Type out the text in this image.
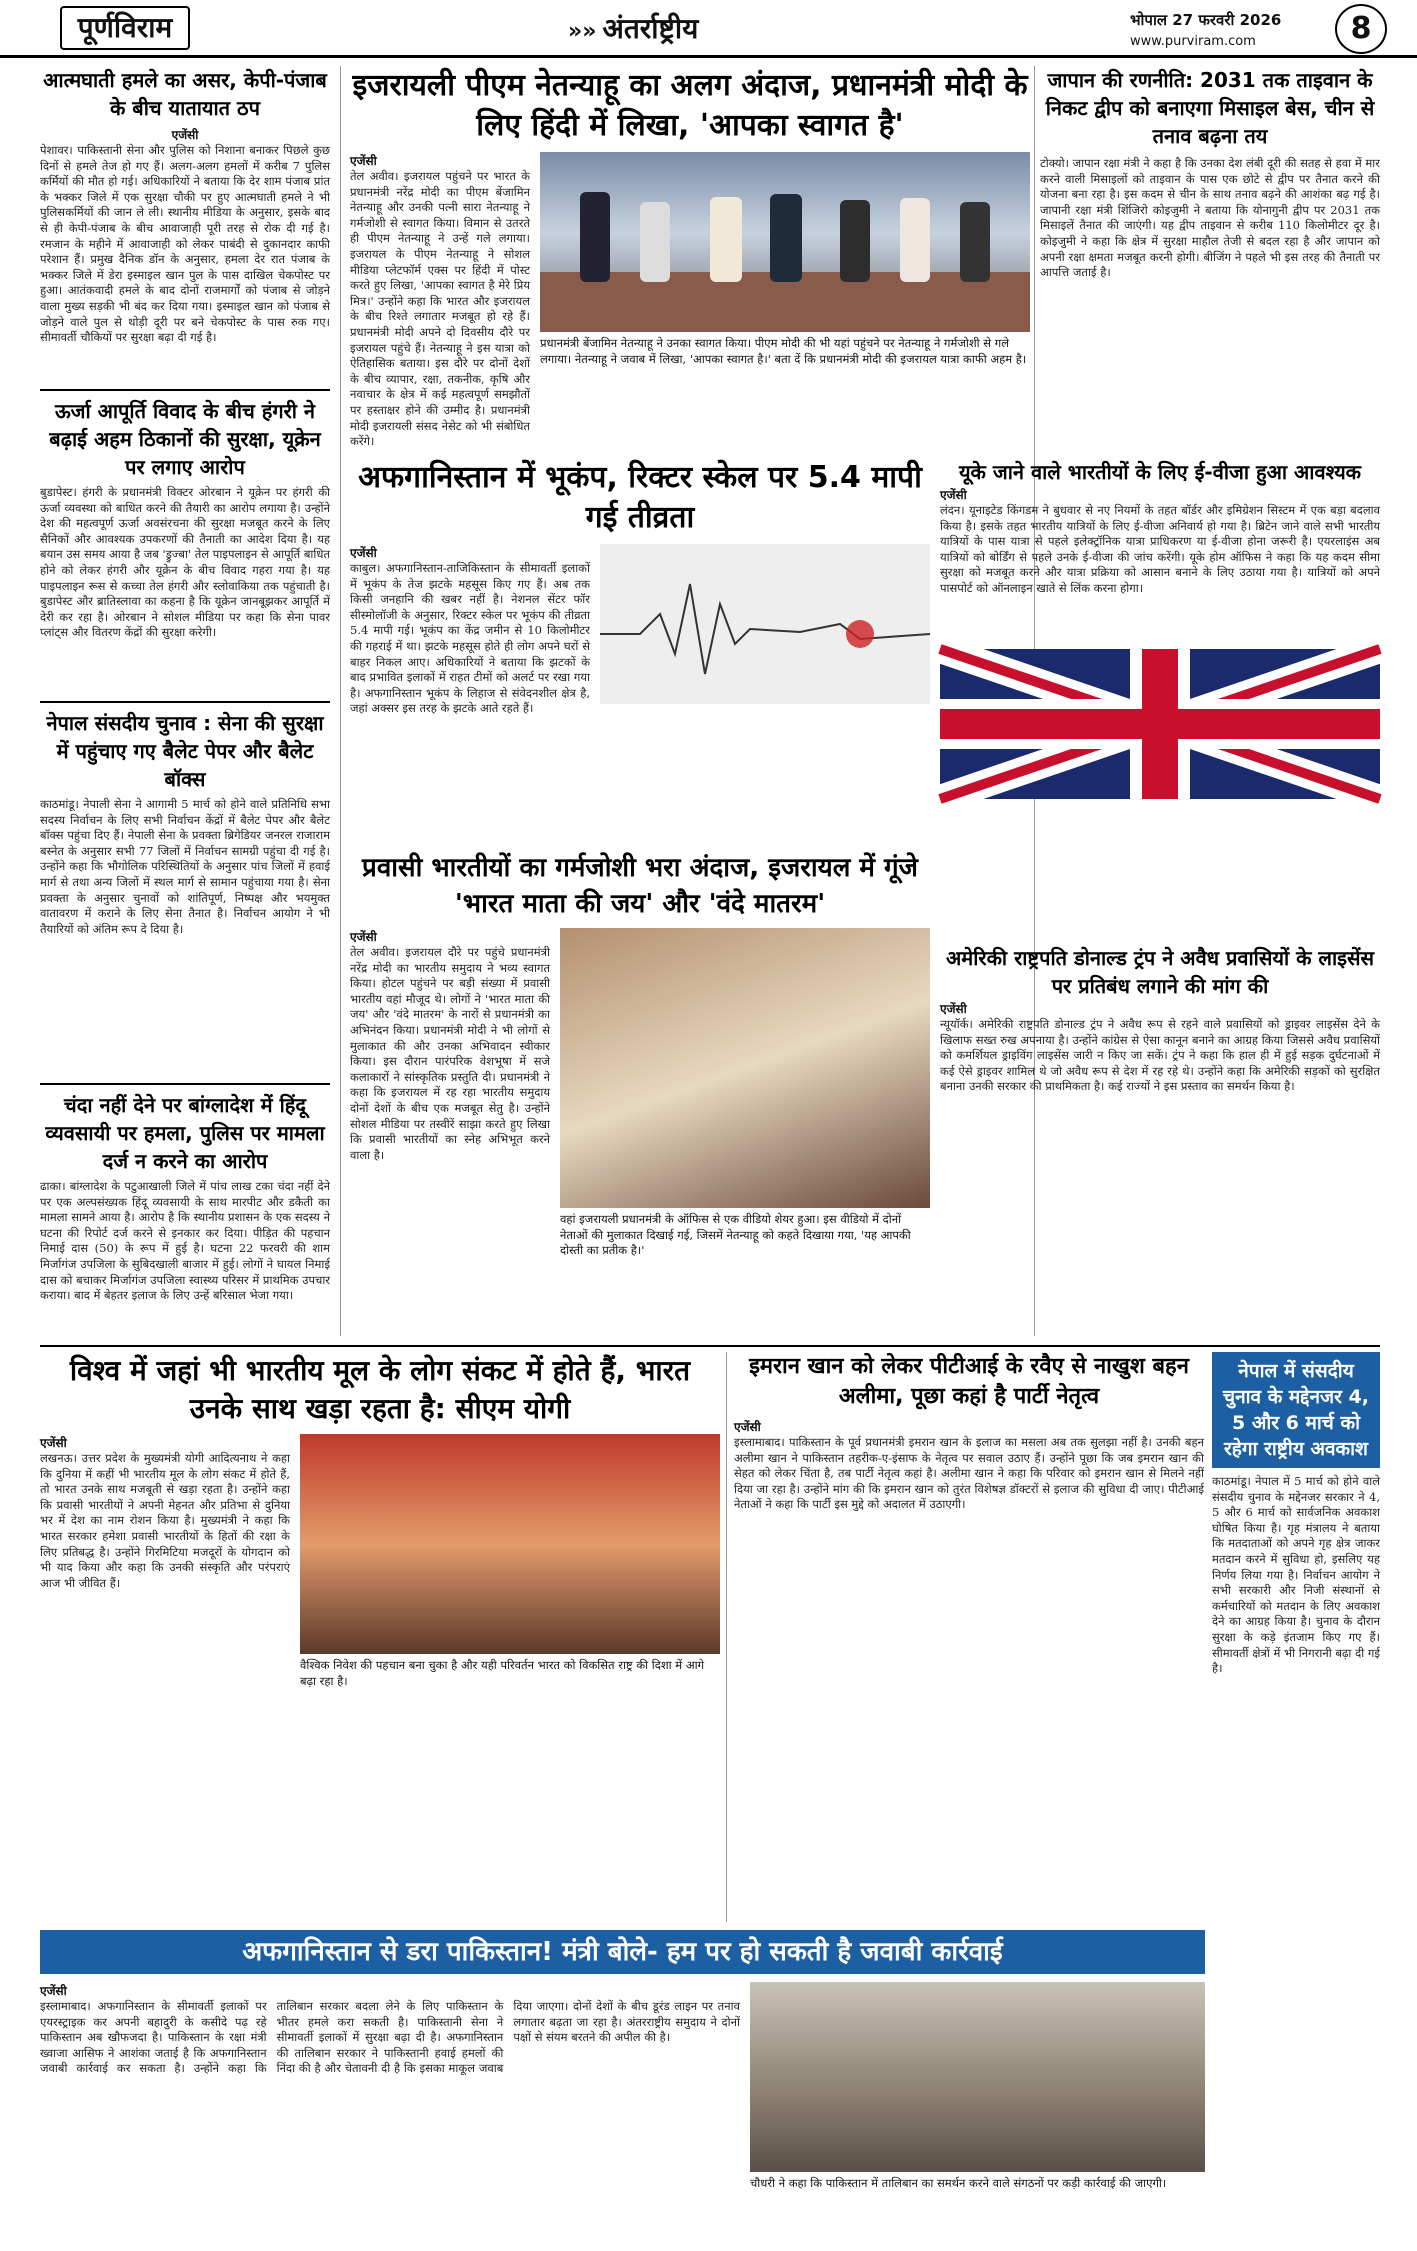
पूर्णविराम	»» अंतर्राष्ट्रीय	भोपाल 27 फरवरी 2026
www.purviram.com	8
आत्मघाती हमले का असर, केपी-पंजाब के बीच यातायात ठप
एजेंसी
पेशावर। पाकिस्तानी सेना और पुलिस को निशाना बनाकर पिछले कुछ दिनों से हमले तेज हो गए हैं। अलग-अलग हमलों में करीब 7 पुलिस कर्मियों की मौत हो गई। अधिकारियों ने बताया कि देर शाम पंजाब प्रांत के भक्कर जिले में एक सुरक्षा चौकी पर हुए आत्मघाती हमले ने भी पुलिसकर्मियों की जान ले ली। स्थानीय मीडिया के अनुसार, इसके बाद से ही केपी-पंजाब के बीच आवाजाही पूरी तरह से रोक दी गई है। रमजान के महीने में आवाजाही को लेकर पाबंदी से दुकानदार काफी परेशान हैं। प्रमुख दैनिक डॉन के अनुसार, हमला देर रात पंजाब के भक्कर जिले में डेरा इस्माइल खान पुल के पास दाखिल चेकपोस्ट पर हुआ। आतंकवादी हमले के बाद दोनों राजमार्गों को पंजाब से जोड़ने वाला मुख्य सड़की भी बंद कर दिया गया। इस्माइल खान को पंजाब से जोड़ने वाले पुल से थोड़ी दूरी पर बने चेकपोस्ट के पास रुक गए। सीमावर्ती चौकियों पर सुरक्षा बढ़ा दी गई है।
ऊर्जा आपूर्ति विवाद के बीच हंगरी ने बढ़ाई अहम ठिकानों की सुरक्षा, यूक्रेन पर लगाए आरोप
बुडापेस्ट। हंगरी के प्रधानमंत्री विक्टर ओरबान ने यूक्रेन पर हंगरी की ऊर्जा व्यवस्था को बाधित करने की तैयारी का आरोप लगाया है। उन्होंने देश की महत्वपूर्ण ऊर्जा अवसंरचना की सुरक्षा मजबूत करने के लिए सैनिकों और आवश्यक उपकरणों की तैनाती का आदेश दिया है। यह बयान उस समय आया है जब 'ड्रुज्बा' तेल पाइपलाइन से आपूर्ति बाधित होने को लेकर हंगरी और यूक्रेन के बीच विवाद गहरा गया है। यह पाइपलाइन रूस से कच्चा तेल हंगरी और स्लोवाकिया तक पहुंचाती है। बुडापेस्ट और ब्रातिस्लावा का कहना है कि यूक्रेन जानबूझकर आपूर्ति में देरी कर रहा है। ओरबान ने सोशल मीडिया पर कहा कि सेना पावर प्लांट्स और वितरण केंद्रों की सुरक्षा करेगी।
नेपाल संसदीय चुनाव : सेना की सुरक्षा में पहुंचाए गए बैलेट पेपर और बैलेट बॉक्स
काठमांडू। नेपाली सेना ने आगामी 5 मार्च को होने वाले प्रतिनिधि सभा सदस्य निर्वाचन के लिए सभी निर्वाचन केंद्रों में बैलेट पेपर और बैलेट बॉक्स पहुंचा दिए हैं। नेपाली सेना के प्रवक्ता ब्रिगेडियर जनरल राजाराम बस्नेत के अनुसार सभी 77 जिलों में निर्वाचन सामग्री पहुंचा दी गई है। उन्होंने कहा कि भौगोलिक परिस्थितियों के अनुसार पांच जिलों में हवाई मार्ग से तथा अन्य जिलों में स्थल मार्ग से सामान पहुंचाया गया है। सेना प्रवक्ता के अनुसार चुनावों को शांतिपूर्ण, निष्पक्ष और भयमुक्त वातावरण में कराने के लिए सेना तैनात है। निर्वाचन आयोग ने भी तैयारियों को अंतिम रूप दे दिया है।
चंदा नहीं देने पर बांग्लादेश में हिंदू व्यवसायी पर हमला, पुलिस पर मामला दर्ज न करने का आरोप
ढाका। बांग्लादेश के पटुआखाली जिले में पांच लाख टका चंदा नहीं देने पर एक अल्पसंख्यक हिंदू व्यवसायी के साथ मारपीट और डकैती का मामला सामने आया है। आरोप है कि स्थानीय प्रशासन के एक सदस्य ने घटना की रिपोर्ट दर्ज करने से इनकार कर दिया। पीड़ित की पहचान निमाई दास (50) के रूप में हुई है। घटना 22 फरवरी की शाम मिर्जागंज उपजिला के सुबिदखाली बाजार में हुई। लोगों ने घायल निमाई दास को बचाकर मिर्जागंज उपजिला स्वास्थ्य परिसर में प्राथमिक उपचार कराया। बाद में बेहतर इलाज के लिए उन्हें बरिसाल भेजा गया।
इजरायली पीएम नेतन्याहू का अलग अंदाज, प्रधानमंत्री मोदी के लिए हिंदी में लिखा, 'आपका स्वागत है'
एजेंसी
तेल अवीव। इजरायल पहुंचने पर भारत के प्रधानमंत्री नरेंद्र मोदी का पीएम बेंजामिन नेतन्याहू और उनकी पत्नी सारा नेतन्याहू ने गर्मजोशी से स्वागत किया। विमान से उतरते ही पीएम नेतन्याहू ने उन्हें गले लगाया। इजरायल के पीएम नेतन्याहू ने सोशल मीडिया प्लेटफॉर्म एक्स पर हिंदी में पोस्ट करते हुए लिखा, 'आपका स्वागत है मेरे प्रिय मित्र।' उन्होंने कहा कि भारत और इजरायल के बीच रिश्ते लगातार मजबूत हो रहे हैं। प्रधानमंत्री मोदी अपने दो दिवसीय दौरे पर इजरायल पहुंचे हैं। नेतन्याहू ने इस यात्रा को ऐतिहासिक बताया। इस दौरे पर दोनों देशों के बीच व्यापार, रक्षा, तकनीक, कृषि और नवाचार के क्षेत्र में कई महत्वपूर्ण समझौतों पर हस्ताक्षर होने की उम्मीद है। प्रधानमंत्री मोदी इजरायली संसद नेसेट को भी संबोधित करेंगे।
प्रधानमंत्री बेंजामिन नेतन्याहू ने उनका स्वागत किया। पीएम मोदी की भी यहां पहुंचने पर नेतन्याहू ने गर्मजोशी से गले लगाया। नेतन्याहू ने जवाब में लिखा, 'आपका स्वागत है।' बता दें कि प्रधानमंत्री मोदी की इजरायल यात्रा काफी अहम है।
जापान की रणनीति: 2031 तक ताइवान के निकट द्वीप को बनाएगा मिसाइल बेस, चीन से तनाव बढ़ना तय
टोक्यो। जापान रक्षा मंत्री ने कहा है कि उनका देश लंबी दूरी की सतह से हवा में मार करने वाली मिसाइलों को ताइवान के पास एक छोटे से द्वीप पर तैनात करने की योजना बना रहा है। इस कदम से चीन के साथ तनाव बढ़ने की आशंका बढ़ गई है। जापानी रक्षा मंत्री शिंजिरो कोइजुमी ने बताया कि योनागुनी द्वीप पर 2031 तक मिसाइलें तैनात की जाएंगी। यह द्वीप ताइवान से करीब 110 किलोमीटर दूर है। कोइजुमी ने कहा कि क्षेत्र में सुरक्षा माहौल तेजी से बदल रहा है और जापान को अपनी रक्षा क्षमता मजबूत करनी होगी। बीजिंग ने पहले भी इस तरह की तैनाती पर आपत्ति जताई है।
अफगानिस्तान में भूकंप, रिक्टर स्केल पर 5.4 मापी गई तीव्रता
एजेंसी
काबुल। अफगानिस्तान-ताजिकिस्तान के सीमावर्ती इलाकों में भूकंप के तेज झटके महसूस किए गए हैं। अब तक किसी जनहानि की खबर नहीं है। नेशनल सेंटर फॉर सीस्मोलॉजी के अनुसार, रिक्टर स्केल पर भूकंप की तीव्रता 5.4 मापी गई। भूकंप का केंद्र जमीन से 10 किलोमीटर की गहराई में था। झटके महसूस होते ही लोग अपने घरों से बाहर निकल आए। अधिकारियों ने बताया कि झटकों के बाद प्रभावित इलाकों में राहत टीमों को अलर्ट पर रखा गया है। अफगानिस्तान भूकंप के लिहाज से संवेदनशील क्षेत्र है, जहां अक्सर इस तरह के झटके आते रहते हैं।
यूके जाने वाले भारतीयों के लिए ई-वीजा हुआ आवश्यक
एजेंसी
लंदन। यूनाइटेड किंगडम ने बुधवार से नए नियमों के तहत बॉर्डर और इमिग्रेशन सिस्टम में एक बड़ा बदलाव किया है। इसके तहत भारतीय यात्रियों के लिए ई-वीजा अनिवार्य हो गया है। ब्रिटेन जाने वाले सभी भारतीय यात्रियों के पास यात्रा से पहले इलेक्ट्रॉनिक यात्रा प्राधिकरण या ई-वीजा होना जरूरी है। एयरलाइंस अब यात्रियों को बोर्डिंग से पहले उनके ई-वीजा की जांच करेंगी। यूके होम ऑफिस ने कहा कि यह कदम सीमा सुरक्षा को मजबूत करने और यात्रा प्रक्रिया को आसान बनाने के लिए उठाया गया है। यात्रियों को अपने पासपोर्ट को ऑनलाइन खाते से लिंक करना होगा।
अमेरिकी राष्ट्रपति डोनाल्ड ट्रंप ने अवैध प्रवासियों के लाइसेंस पर प्रतिबंध लगाने की मांग की
एजेंसी
न्यूयॉर्क। अमेरिकी राष्ट्रपति डोनाल्ड ट्रंप ने अवैध रूप से रहने वाले प्रवासियों को ड्राइवर लाइसेंस देने के खिलाफ सख्त रुख अपनाया है। उन्होंने कांग्रेस से ऐसा कानून बनाने का आग्रह किया जिससे अवैध प्रवासियों को कमर्शियल ड्राइविंग लाइसेंस जारी न किए जा सकें। ट्रंप ने कहा कि हाल ही में हुई सड़क दुर्घटनाओं में कई ऐसे ड्राइवर शामिल थे जो अवैध रूप से देश में रह रहे थे। उन्होंने कहा कि अमेरिकी सड़कों को सुरक्षित बनाना उनकी सरकार की प्राथमिकता है। कई राज्यों ने इस प्रस्ताव का समर्थन किया है।
प्रवासी भारतीयों का गर्मजोशी भरा अंदाज, इजरायल में गूंजे 'भारत माता की जय' और 'वंदे मातरम'
एजेंसी
तेल अवीव। इजरायल दौरे पर पहुंचे प्रधानमंत्री नरेंद्र मोदी का भारतीय समुदाय ने भव्य स्वागत किया। होटल पहुंचने पर बड़ी संख्या में प्रवासी भारतीय वहां मौजूद थे। लोगों ने 'भारत माता की जय' और 'वंदे मातरम' के नारों से प्रधानमंत्री का अभिनंदन किया। प्रधानमंत्री मोदी ने भी लोगों से मुलाकात की और उनका अभिवादन स्वीकार किया। इस दौरान पारंपरिक वेशभूषा में सजे कलाकारों ने सांस्कृतिक प्रस्तुति दी। प्रधानमंत्री ने कहा कि इजरायल में रह रहा भारतीय समुदाय दोनों देशों के बीच एक मजबूत सेतु है। उन्होंने सोशल मीडिया पर तस्वीरें साझा करते हुए लिखा कि प्रवासी भारतीयों का स्नेह अभिभूत करने वाला है।
वहां इजरायली प्रधानमंत्री के ऑफिस से एक वीडियो शेयर हुआ। इस वीडियो में दोनों नेताओं की मुलाकात दिखाई गई, जिसमें नेतन्याहू को कहते दिखाया गया, 'यह आपकी दोस्ती का प्रतीक है।'
विश्व में जहां भी भारतीय मूल के लोग संकट में होते हैं, भारत उनके साथ खड़ा रहता है: सीएम योगी
एजेंसी
लखनऊ। उत्तर प्रदेश के मुख्यमंत्री योगी आदित्यनाथ ने कहा कि दुनिया में कहीं भी भारतीय मूल के लोग संकट में होते हैं, तो भारत उनके साथ मजबूती से खड़ा रहता है। उन्होंने कहा कि प्रवासी भारतीयों ने अपनी मेहनत और प्रतिभा से दुनिया भर में देश का नाम रोशन किया है। मुख्यमंत्री ने कहा कि भारत सरकार हमेशा प्रवासी भारतीयों के हितों की रक्षा के लिए प्रतिबद्ध है। उन्होंने गिरमिटिया मजदूरों के योगदान को भी याद किया और कहा कि उनकी संस्कृति और परंपराएं आज भी जीवित हैं।
वैश्विक निवेश की पहचान बना चुका है और यही परिवर्तन भारत को विकसित राष्ट्र की दिशा में आगे बढ़ा रहा है।
इमरान खान को लेकर पीटीआई के रवैए से नाखुश बहन अलीमा, पूछा कहां है पार्टी नेतृत्व
एजेंसी
इस्लामाबाद। पाकिस्तान के पूर्व प्रधानमंत्री इमरान खान के इलाज का मसला अब तक सुलझा नहीं है। उनकी बहन अलीमा खान ने पाकिस्तान तहरीक-ए-इंसाफ के नेतृत्व पर सवाल उठाए हैं। उन्होंने पूछा कि जब इमरान खान की सेहत को लेकर चिंता है, तब पार्टी नेतृत्व कहां है। अलीमा खान ने कहा कि परिवार को इमरान खान से मिलने नहीं दिया जा रहा है। उन्होंने मांग की कि इमरान खान को तुरंत विशेषज्ञ डॉक्टरों से इलाज की सुविधा दी जाए। पीटीआई नेताओं ने कहा कि पार्टी इस मुद्दे को अदालत में उठाएगी।
नेपाल में संसदीय चुनाव के मद्देनजर 4, 5 और 6 मार्च को रहेगा राष्ट्रीय अवकाश
काठमांडू। नेपाल में 5 मार्च को होने वाले संसदीय चुनाव के मद्देनजर सरकार ने 4, 5 और 6 मार्च को सार्वजनिक अवकाश घोषित किया है। गृह मंत्रालय ने बताया कि मतदाताओं को अपने गृह क्षेत्र जाकर मतदान करने में सुविधा हो, इसलिए यह निर्णय लिया गया है। निर्वाचन आयोग ने सभी सरकारी और निजी संस्थानों से कर्मचारियों को मतदान के लिए अवकाश देने का आग्रह किया है। चुनाव के दौरान सुरक्षा के कड़े इंतजाम किए गए हैं। सीमावर्ती क्षेत्रों में भी निगरानी बढ़ा दी गई है।
अफगानिस्तान से डरा पाकिस्तान! मंत्री बोले- हम पर हो सकती है जवाबी कार्रवाई
एजेंसी
इस्लामाबाद। अफगानिस्तान के सीमावर्ती इलाकों पर एयरस्ट्राइक कर अपनी बहादुरी के कसीदे पढ़ रहे पाकिस्तान अब खौफजदा है। पाकिस्तान के रक्षा मंत्री ख्वाजा आसिफ ने आशंका जताई है कि अफगानिस्तान जवाबी कार्रवाई कर सकता है। उन्होंने कहा कि तालिबान सरकार बदला लेने के लिए पाकिस्तान के भीतर हमले करा सकती है। पाकिस्तानी सेना ने सीमावर्ती इलाकों में सुरक्षा बढ़ा दी है। अफगानिस्तान की तालिबान सरकार ने पाकिस्तानी हवाई हमलों की निंदा की है और चेतावनी दी है कि इसका माकूल जवाब दिया जाएगा। दोनों देशों के बीच डूरंड लाइन पर तनाव लगातार बढ़ता जा रहा है। अंतरराष्ट्रीय समुदाय ने दोनों पक्षों से संयम बरतने की अपील की है।
चौधरी ने कहा कि पाकिस्तान में तालिबान का समर्थन करने वाले संगठनों पर कड़ी कार्रवाई की जाएगी।
